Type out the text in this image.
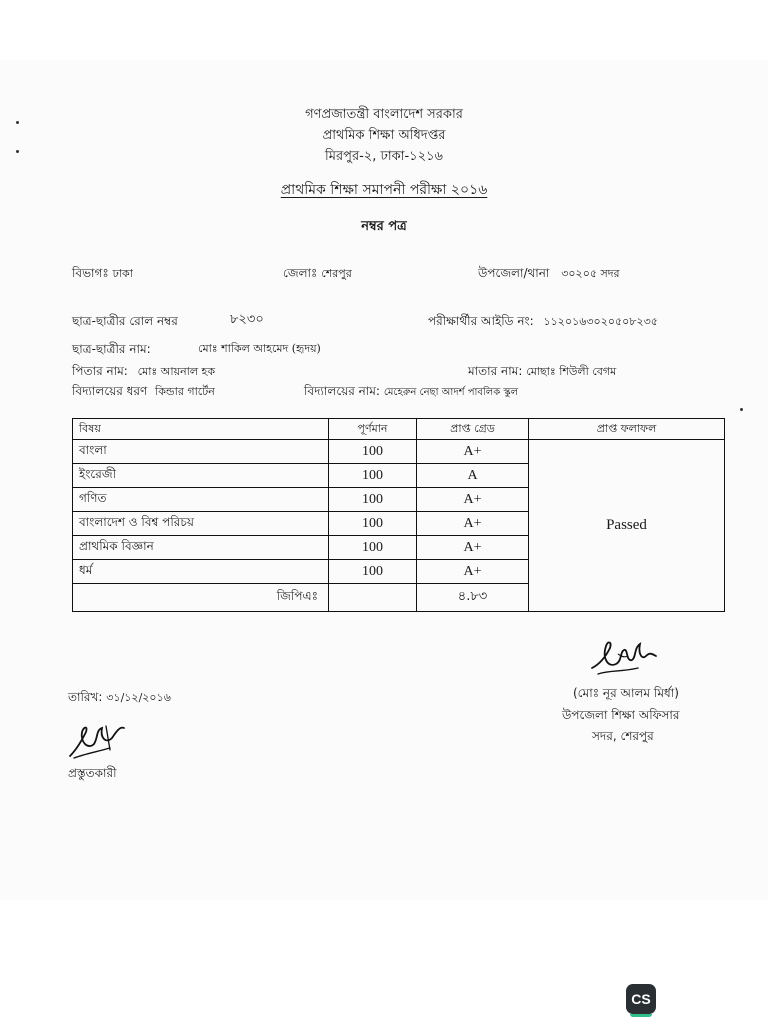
গণপ্রজাতন্ত্রী বাংলাদেশ সরকার
প্রাথমিক শিক্ষা অধিদপ্তর
মিরপুর-২, ঢাকা-১২১৬
প্রাথমিক শিক্ষা সমাপনী পরীক্ষা ২০১৬
নম্বর পত্র
বিভাগঃ ঢাকা	জেলাঃ শেরপুর	উপজেলা/থানা ৩০২০৫ সদর
ছাত্র-ছাত্রীর রোল নম্বর	৮২৩০	পরীক্ষার্থীর আইডি নং: ১১২০১৬৩০২০৫০৮২৩৫
ছাত্র-ছাত্রীর নাম:	মোঃ শাকিল আহমেদ (হৃদয়)
পিতার নাম: মোঃ আয়নাল হক	মাতার নাম: মোছাঃ শিউলী বেগম
বিদ্যালয়ের ধরণ কিন্ডার গার্টেন	বিদ্যালয়ের নাম: মেহেরুন নেছা আদর্শ পাবলিক স্কুল
বিষয়	পূর্ণমান	প্রাপ্ত গ্রেড	প্রাপ্ত ফলাফল
বাংলা	100	A+	Passed
ইংরেজী	100	A	
গণিত	100	A+	
বাংলাদেশ ও বিশ্ব পরিচয়	100	A+	
প্রাথমিক বিজ্ঞান	100	A+	
ধর্ম	100	A+	
জিপিএঃ		৪.৮৩	
(মোঃ নূর আলম মির্ধা)
উপজেলা শিক্ষা অফিসার
সদর, শেরপুর
তারিখ: ৩১/১২/২০১৬
প্রস্তুতকারী
CS
